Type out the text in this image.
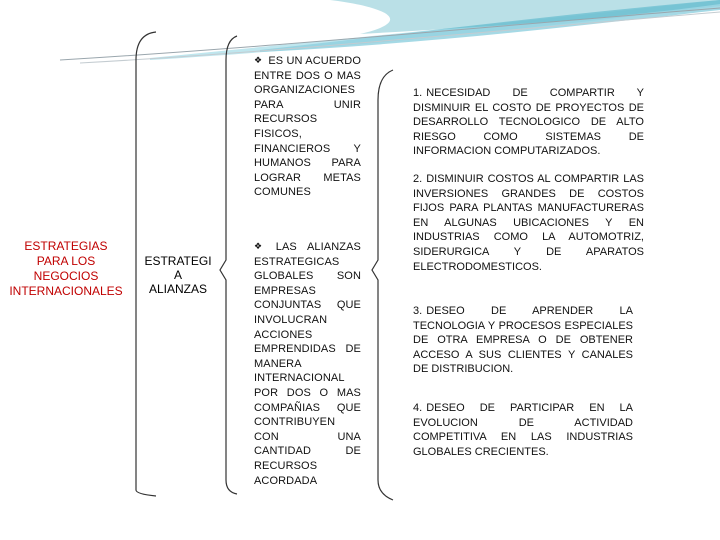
ESTRATEGIAS
PARA LOS
NEGOCIOS
INTERNACIONALES
ESTRATEGI
A
ALIANZAS
❖ ES UN ACUERDO ENTRE DOS O MAS ORGANIZACIONES PARA UNIR RECURSOS FISICOS, FINANCIEROS Y HUMANOS PARA LOGRAR METAS COMUNES
❖ LAS ALIANZAS ESTRATEGICAS GLOBALES SON EMPRESAS CONJUNTAS QUE INVOLUCRAN ACCIONES EMPRENDIDAS DE MANERA INTERNACIONAL POR DOS O MAS COMPAÑIAS QUE CONTRIBUYEN CON UNA CANTIDAD DE RECURSOS ACORDADA
1. NECESIDAD DE COMPARTIR Y DISMINUIR EL COSTO DE PROYECTOS DE DESARROLLO TECNOLOGICO DE ALTO RIESGO COMO SISTEMAS DE INFORMACION COMPUTARIZADOS.
2. DISMINUIR COSTOS AL COMPARTIR LAS INVERSIONES GRANDES DE COSTOS FIJOS PARA PLANTAS MANUFACTURERAS EN ALGUNAS UBICACIONES Y EN INDUSTRIAS COMO LA AUTOMOTRIZ, SIDERURGICA Y DE APARATOS ELECTRODOMESTICOS.
3. DESEO DE APRENDER LA TECNOLOGIA Y PROCESOS ESPECIALES DE OTRA EMPRESA O DE OBTENER ACCESO A SUS CLIENTES Y CANALES DE DISTRIBUCION.
4. DESEO DE PARTICIPAR EN LA EVOLUCION DE ACTIVIDAD COMPETITIVA EN LAS INDUSTRIAS GLOBALES CRECIENTES.
